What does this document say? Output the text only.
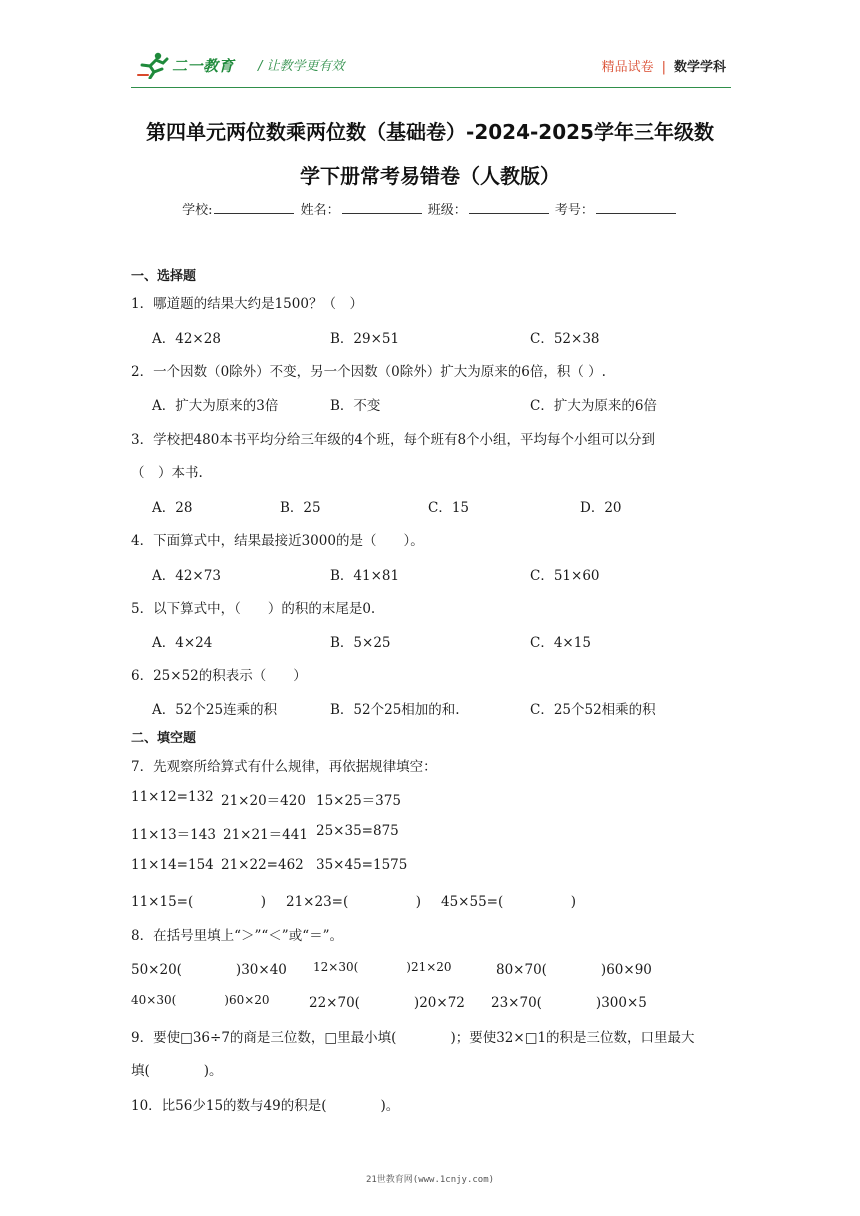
二一教育 / 让教学更有效	精品试卷 | 数学学科
第四单元两位数乘两位数（基础卷）-2024-2025学年三年级数
学下册常考易错卷（人教版）
学校:	姓名：	班级：	考号：
一、选择题
1．哪道题的结果大约是1500？（　）
A．42×28	B．29×51	C．52×38
2．一个因数（0除外）不变，另一个因数（0除外）扩大为原来的6倍，积（ ）.
A．扩大为原来的3倍	B．不变	C．扩大为原来的6倍
3．学校把480本书平均分给三年级的4个班，每个班有8个小组，平均每个小组可以分到
（　）本书.
A．28	B．25	C．15	D．20
4．下面算式中，结果最接近3000的是（　　）。
A．42×73	B．41×81	C．51×60
5．以下算式中，（　　）的积的末尾是0.
A．4×24	B．5×25	C．4×15
6．25×52的积表示（　　）
A．52个25连乘的积	B．52个25相加的和.	C．25个52相乘的积
二、填空题
7．先观察所给算式有什么规律，再依据规律填空：
11×12=132 21×20＝420 15×25＝375
11×13＝143 21×21＝441 25×35=875
11×14=154 21×22=462 35×45=1575
11×15=(　　　　　) 21×23=(　　　　　) 45×55=(　　　　　)
8．在括号里填上“＞”“＜”或“＝”。
50×20(　　　　)30×40 12×30(　　　　)21×20	80×70(　　　　)60×90
40×30(　　　　)60×20	22×70(　　　　)20×72 23×70(　　　　)300×5
9．要使□36÷7的商是三位数，□里最小填(　　　　)；要使32×□1的积是三位数，口里最大
填(　　　　)。
10．比56少15的数与49的积是(　　　　)。
21世教育网(www.1cnjy.com)
